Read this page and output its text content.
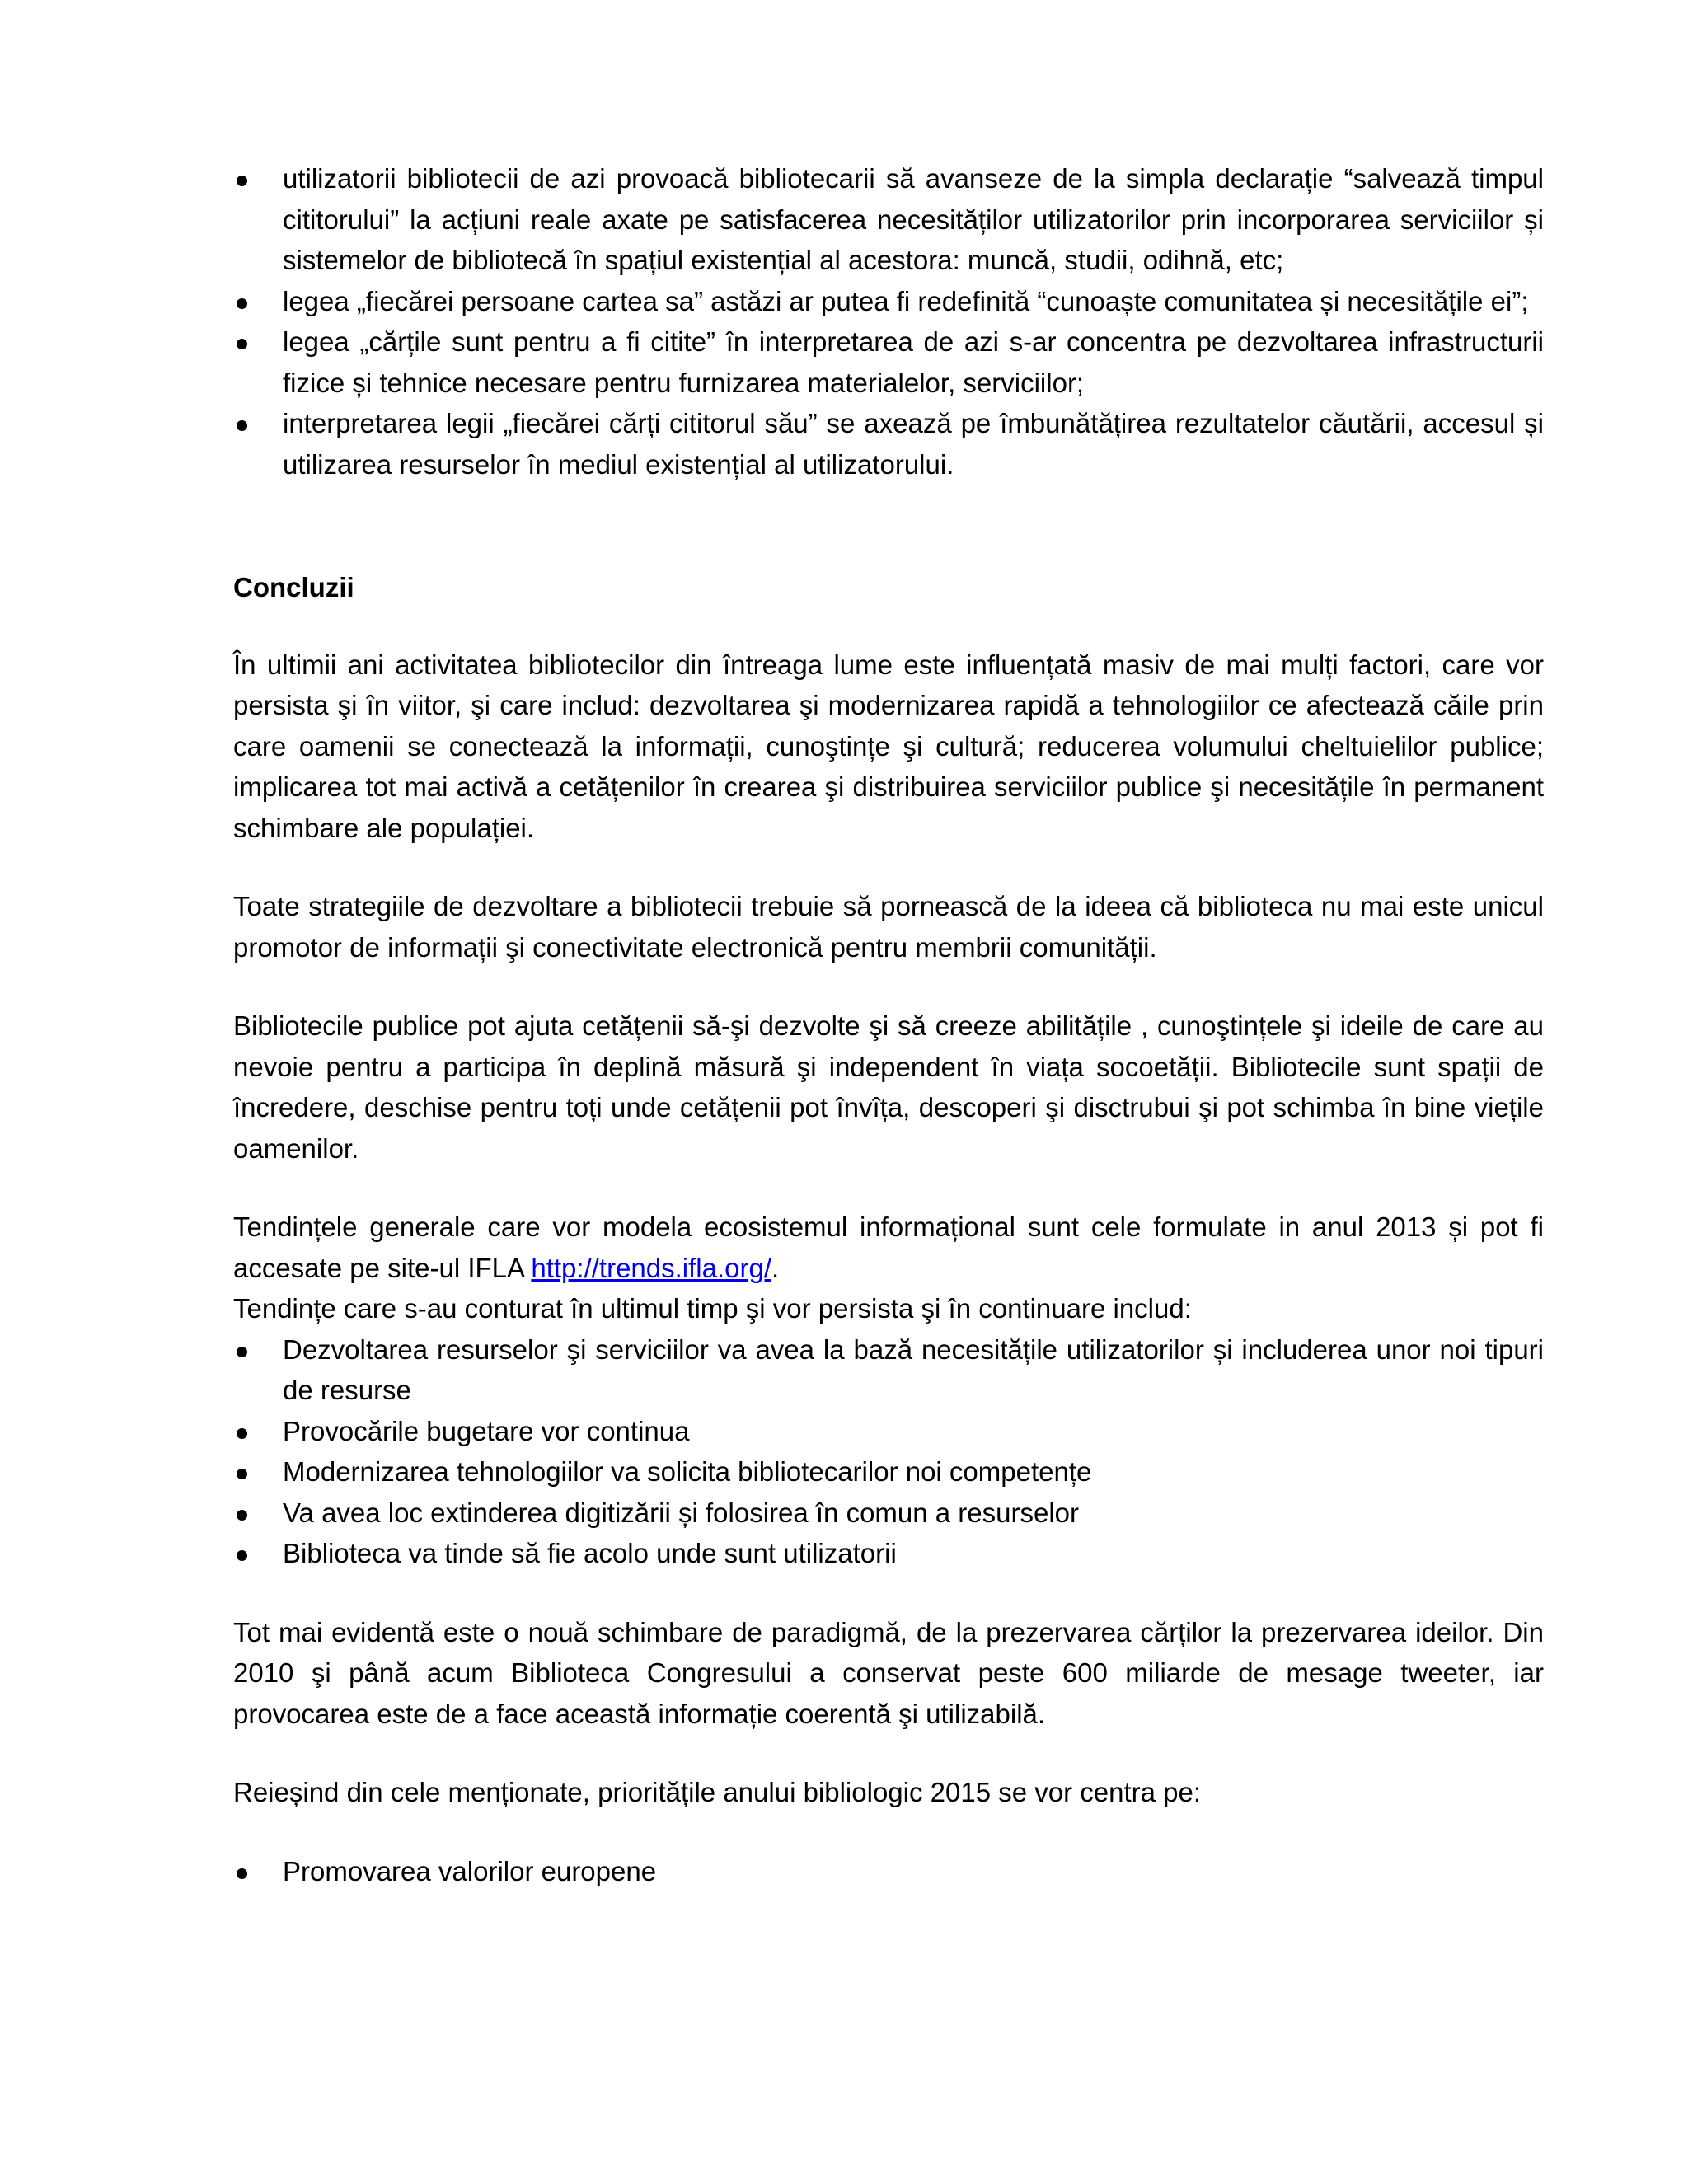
utilizatorii bibliotecii de azi provoacă bibliotecarii să avanseze de la simpla declarație “salvează timpul cititorului” la acțiuni reale axate pe satisfacerea necesităților utilizatorilor prin incorporarea serviciilor și sistemelor de bibliotecă în spațiul existențial al acestora: muncă, studii, odihnă, etc;
legea „fiecărei persoane cartea sa” astăzi ar putea fi redefinită “cunoaște comunitatea și necesitățile ei”;
legea „cărțile sunt pentru a fi citite” în interpretarea de azi s-ar concentra pe dezvoltarea infrastructurii fizice și tehnice necesare pentru furnizarea materialelor, serviciilor;
interpretarea legii „fiecărei cărți cititorul său” se axează pe îmbunătățirea rezultatelor căutării, accesul și utilizarea resurselor în mediul existențial al utilizatorului.
Concluzii

În ultimii ani activitatea bibliotecilor din întreaga lume este influențată masiv de mai mulți factori, care vor persista şi în viitor, şi care includ: dezvoltarea şi modernizarea rapidă a tehnologiilor ce afectează căile prin care oamenii se conectează la informații, cunoştințe şi cultură; reducerea volumului cheltuielilor publice; implicarea tot mai activă a cetățenilor în crearea şi distribuirea serviciilor publice şi necesitățile în permanent schimbare ale populației.

Toate strategiile de dezvoltare a bibliotecii trebuie să pornească de la ideea că biblioteca nu mai este unicul promotor de informații şi conectivitate electronică pentru membrii comunității.

Bibliotecile publice pot ajuta cetățenii să-şi dezvolte şi să creeze abilitățile , cunoştințele şi ideile de care au nevoie pentru a participa în deplină măsură şi independent în viața socoetății. Bibliotecile sunt spații de încredere, deschise pentru toți unde cetățenii pot învîța, descoperi şi disctrubui şi pot schimba în bine viețile oamenilor.

Tendințele generale care vor modela ecosistemul informațional sunt cele formulate in anul 2013 și pot fi accesate pe site-ul IFLA http://trends.ifla.org/.

Tendințe care s-au conturat în ultimul timp şi vor persista şi în continuare includ:

Dezvoltarea resurselor şi serviciilor va avea la bază necesitățile utilizatorilor și includerea unor noi tipuri de resurse
Provocările bugetare vor continua
Modernizarea tehnologiilor va solicita bibliotecarilor noi competențe
Va avea loc extinderea digitizării și folosirea în comun a resurselor
Biblioteca va tinde să fie acolo unde sunt utilizatorii

Tot mai evidentă este o nouă schimbare de paradigmă, de la prezervarea cărților la prezervarea ideilor. Din 2010 şi până acum Biblioteca Congresului a conservat peste 600 miliarde de mesage tweeter, iar provocarea este de a face această informație coerentă şi utilizabilă.

Reieșind din cele menționate, prioritățile anului bibliologic 2015 se vor centra pe:

Promovarea valorilor europene
